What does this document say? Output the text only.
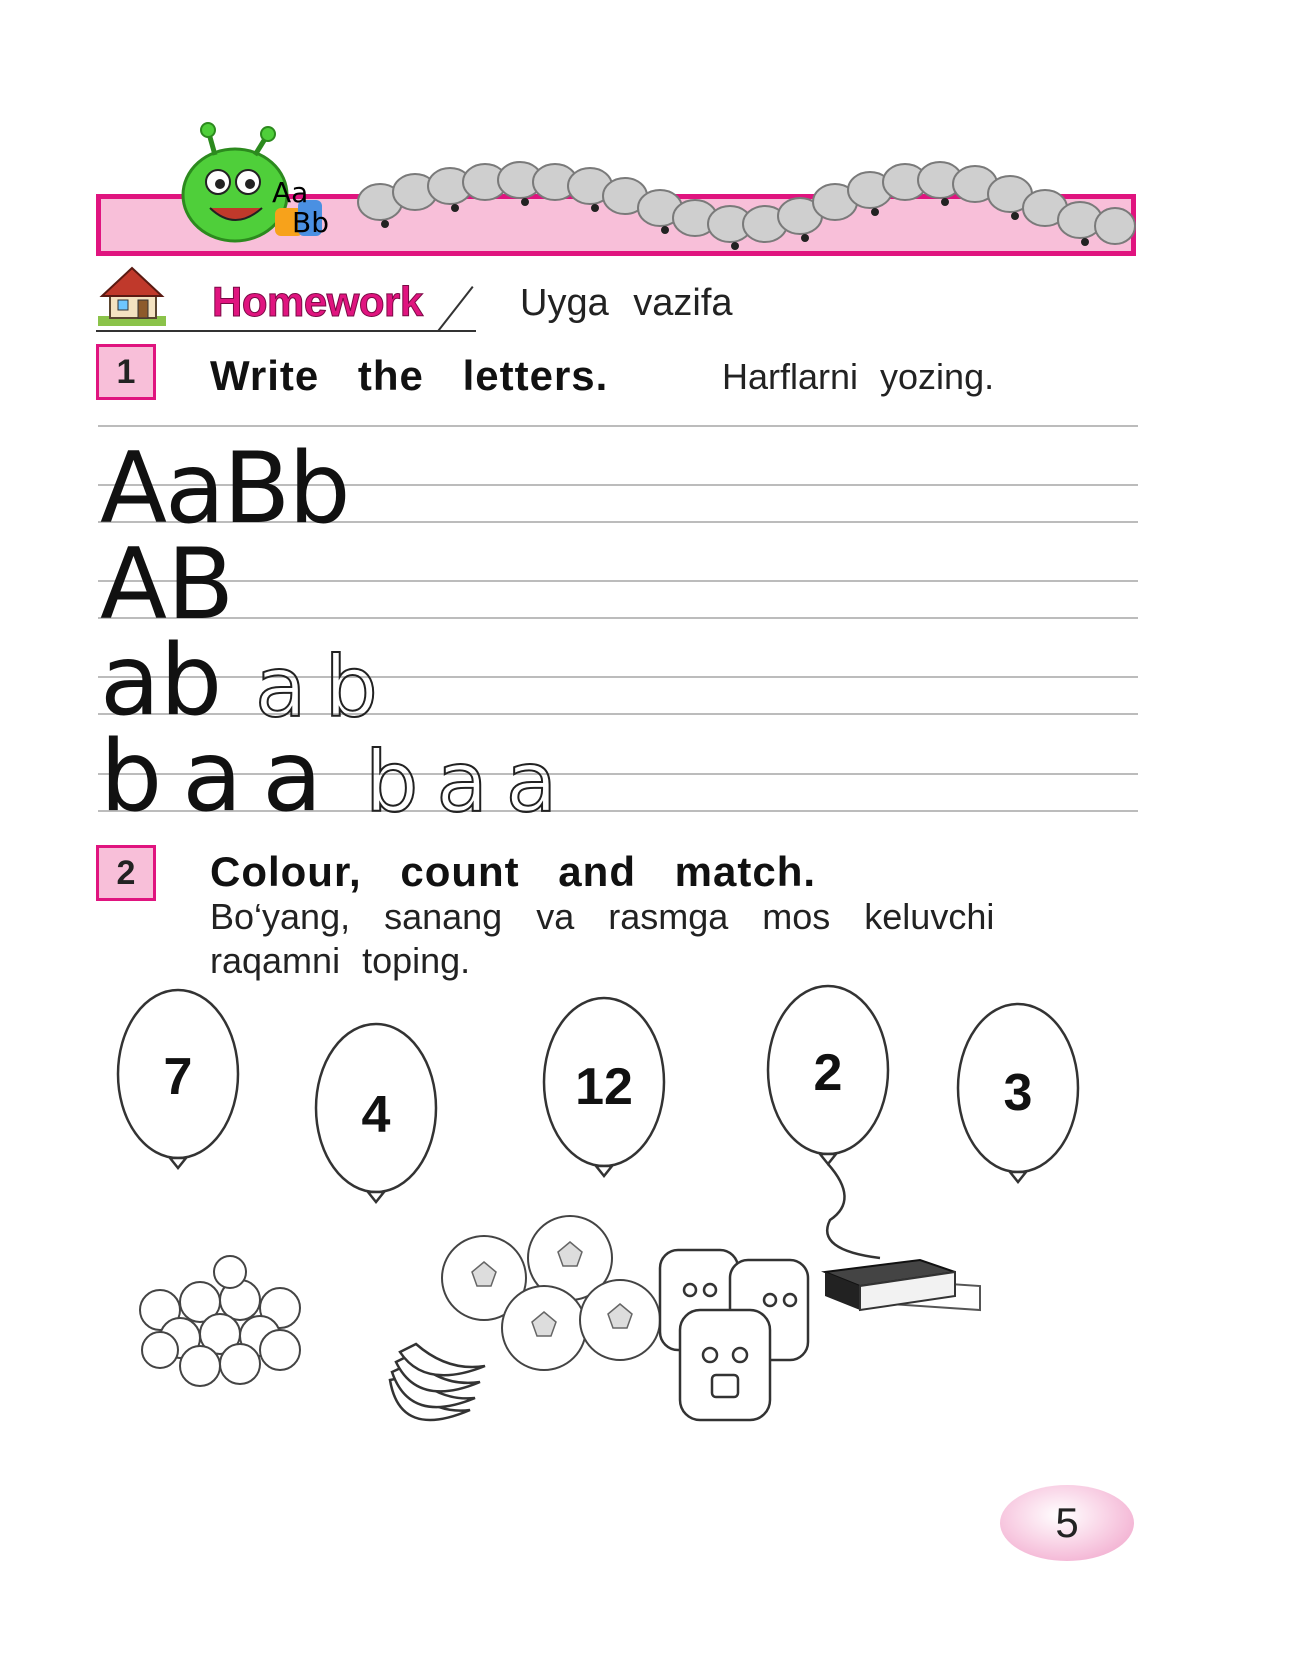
Aa
Bb
Homework	Uyga vazifa
1	Write the letters.	Harflarni yozing.
AaBb
AB
ab ab
baa baa
2	Colour, count and match.
Bo‘yang, sanang va rasmga mos keluvchi
raqamni toping.
7
4	12	2	3
5
